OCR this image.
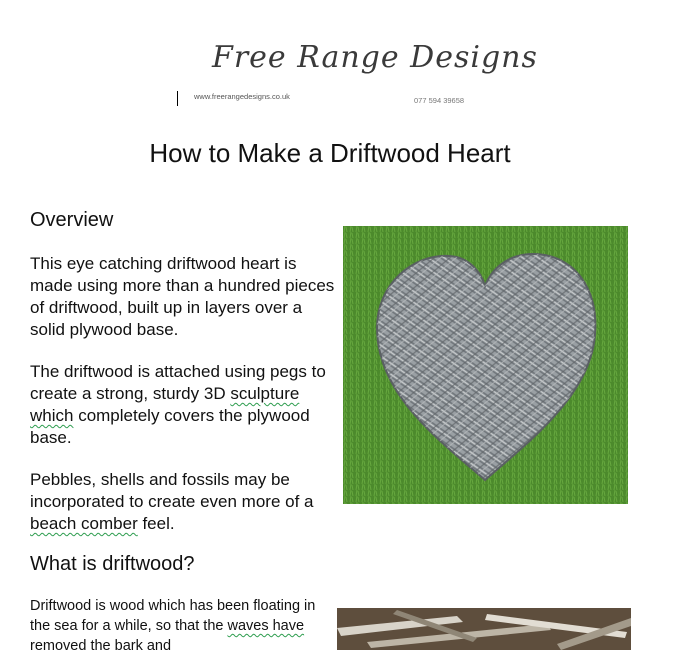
Free Range Designs
www.freerangedesigns.co.uk	077 594 39658
How to Make a Driftwood Heart
Overview

This eye catching driftwood heart is made using more than a hundred pieces of driftwood, built up in layers over a solid plywood base.

The driftwood is attached using pegs to create a strong, sturdy 3D sculpture which completely covers the plywood base.

Pebbles, shells and fossils may be incorporated to create even more of a beach comber feel.

What is driftwood?

Driftwood is wood which has been floating in the sea for a while, so that the waves have removed the bark and
